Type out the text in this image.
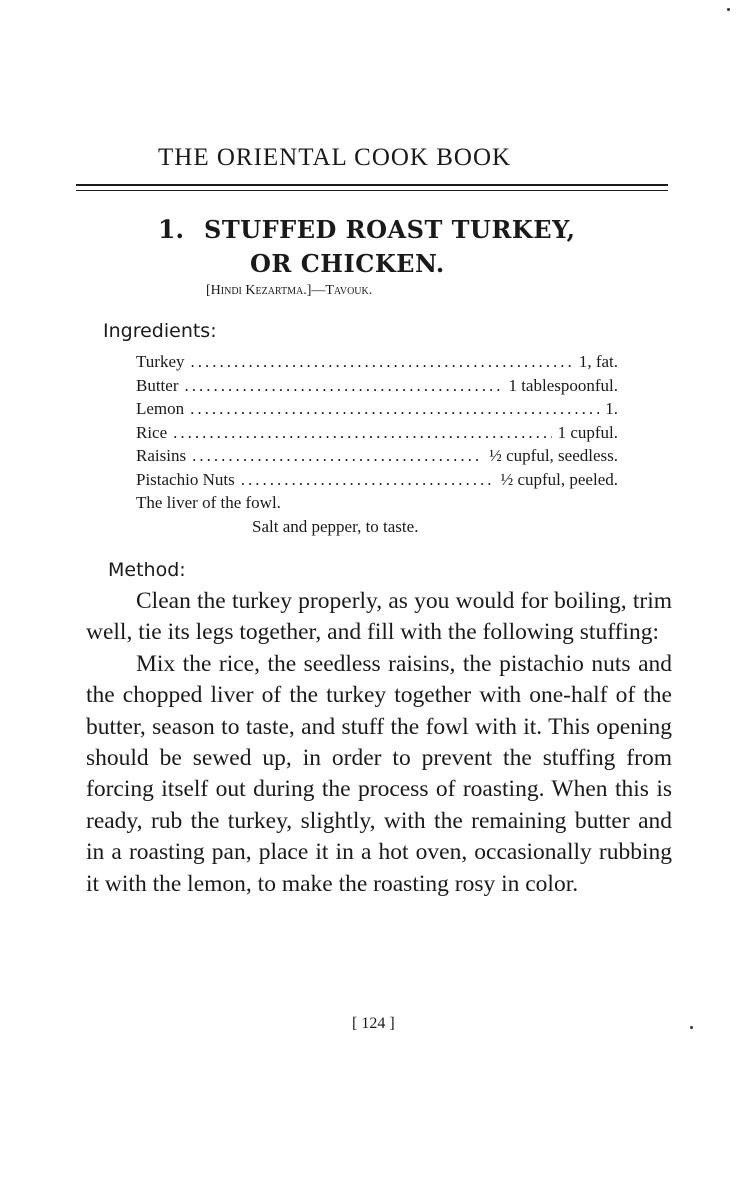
THE ORIENTAL COOK BOOK
1. STUFFED ROAST TURKEY,
OR CHICKEN.
[Hindi Kezartma.]—Tavouk.
Ingredients:
Turkey .....	1, fat.
Butter .....	1 tablespoonful.
Lemon .....	1.
Rice .....	1 cupful.
Raisins .....	½ cupful, seedless.
Pistachio Nuts .....	½ cupful, peeled.
The liver of the fowl.
Salt and pepper, to taste.
Method:

Clean the turkey properly, as you would for boiling, trim well, tie its legs together, and fill with the following stuffing:

Mix the rice, the seedless raisins, the pistachio nuts and the chopped liver of the turkey together with one-half of the butter, season to taste, and stuff the fowl with it. This opening should be sewed up, in order to prevent the stuffing from forcing itself out during the process of roasting. When this is ready, rub the turkey, slightly, with the remaining butter and in a roasting pan, place it in a hot oven, occasionally rubbing it with the lemon, to make the roasting rosy in color.

[ 124 ]
